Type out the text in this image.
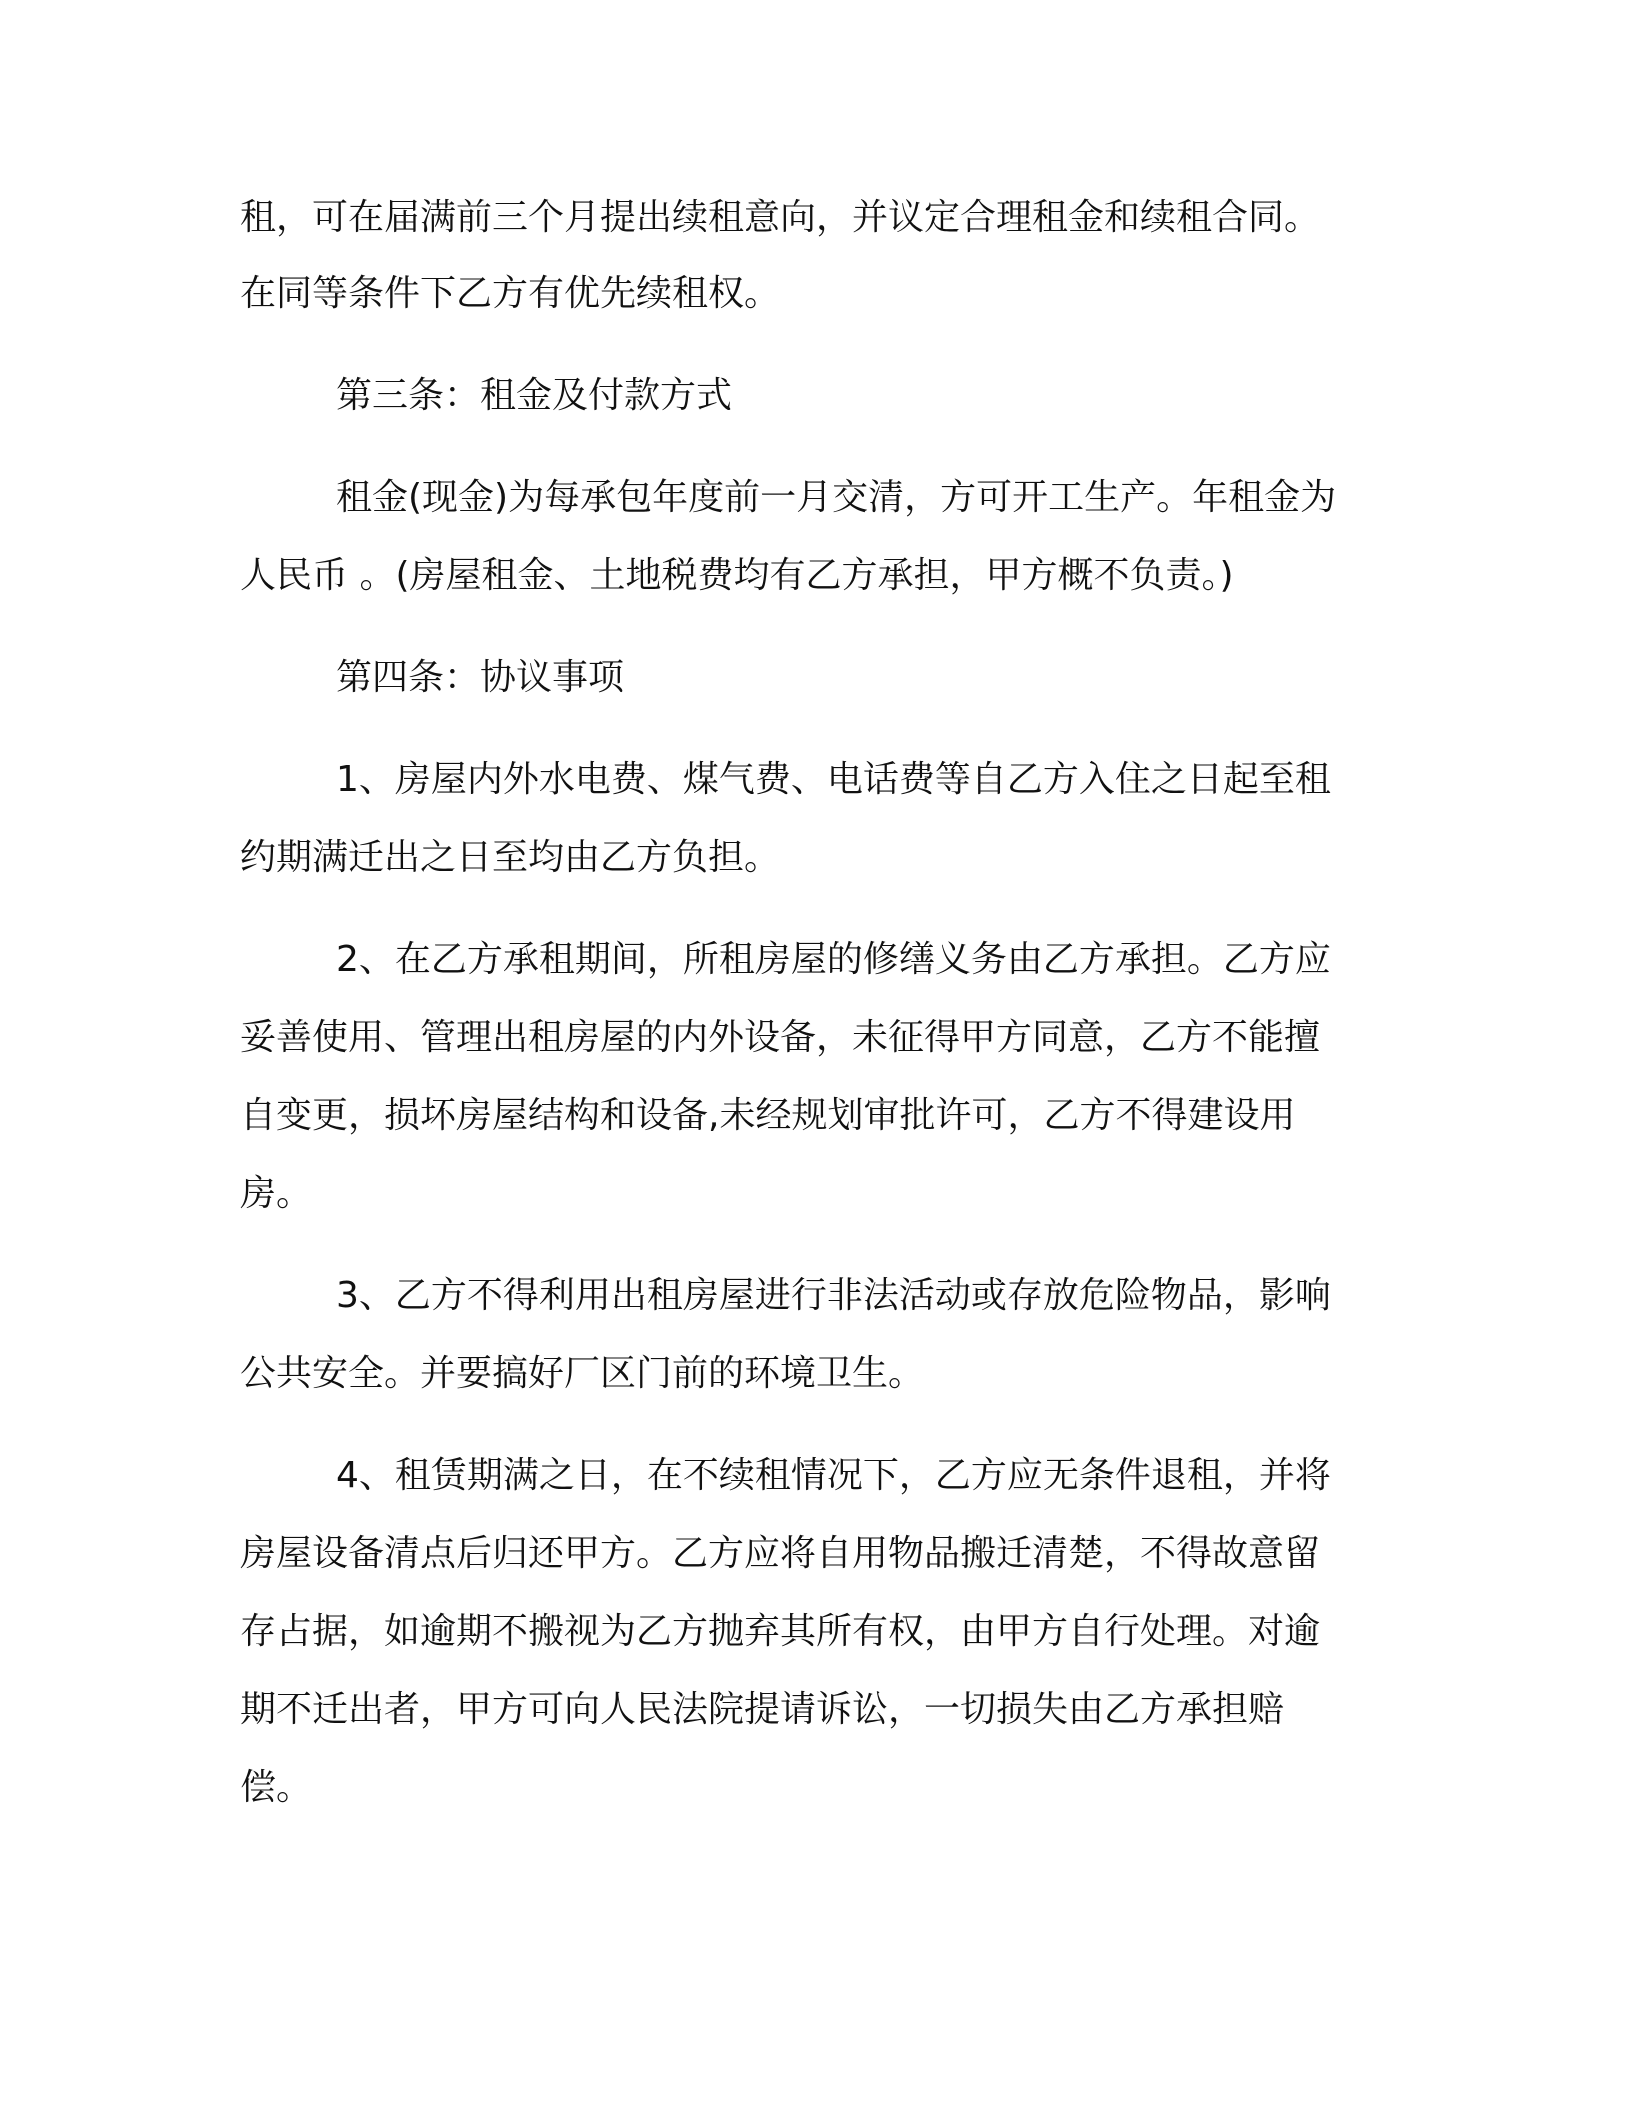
租，可在届满前三个月提出续租意向，并议定合理租金和续租合同。
在同等条件下乙方有优先续租权。
第三条：租金及付款方式
租金(现金)为每承包年度前一月交清，方可开工生产。年租金为
人民币 。(房屋租金、土地税费均有乙方承担，甲方概不负责。)
第四条：协议事项
1、房屋内外水电费、煤气费、电话费等自乙方入住之日起至租
约期满迁出之日至均由乙方负担。
2、在乙方承租期间，所租房屋的修缮义务由乙方承担。乙方应
妥善使用、管理出租房屋的内外设备，未征得甲方同意，乙方不能擅
自变更，损坏房屋结构和设备,未经规划审批许可，乙方不得建设用
房。
3、乙方不得利用出租房屋进行非法活动或存放危险物品，影响
公共安全。并要搞好厂区门前的环境卫生。
4、租赁期满之日，在不续租情况下，乙方应无条件退租，并将
房屋设备清点后归还甲方。乙方应将自用物品搬迁清楚，不得故意留
存占据，如逾期不搬视为乙方抛弃其所有权，由甲方自行处理。对逾
期不迁出者，甲方可向人民法院提请诉讼，一切损失由乙方承担赔
偿。
